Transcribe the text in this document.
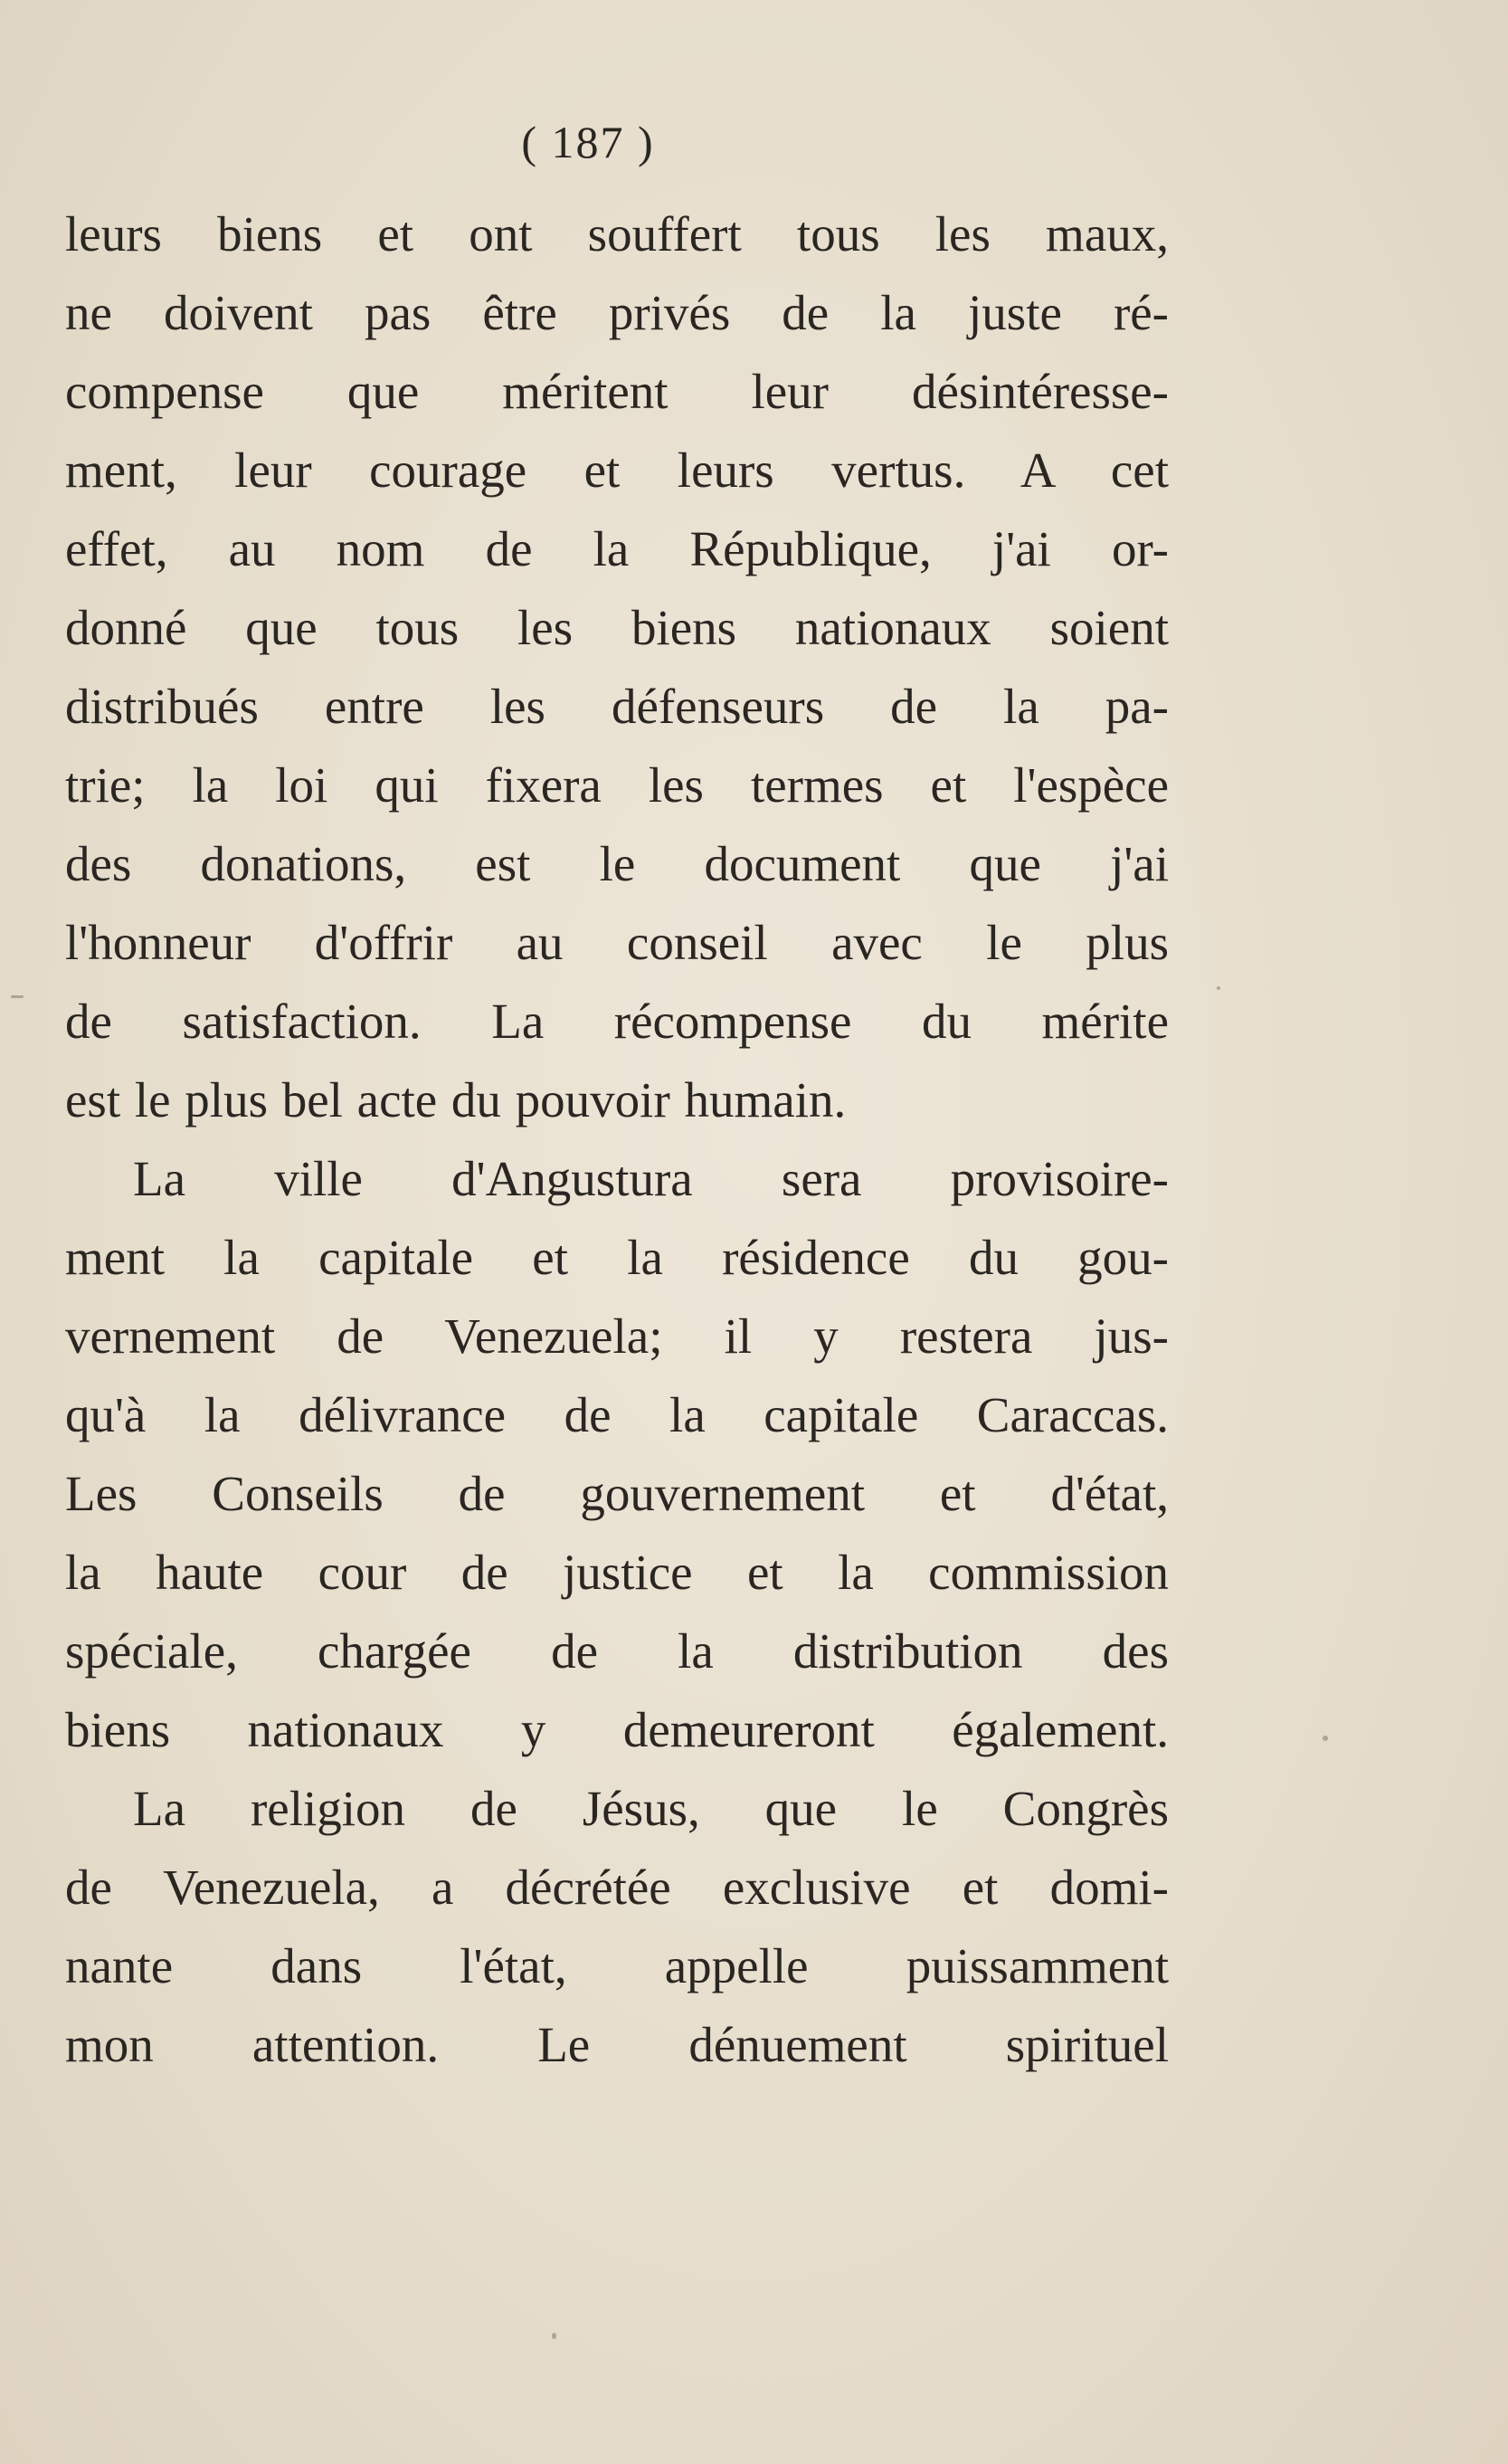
( 187 )
leurs biens et ont souffert tous les maux,
ne doivent pas être privés de la juste ré-
compense que méritent leur désintéresse-
ment, leur courage et leurs vertus. A cet
effet, au nom de la République, j'ai or-
donné que tous les biens nationaux soient
distribués entre les défenseurs de la pa-
trie; la loi qui fixera les termes et l'espèce
des donations, est le document que j'ai
l'honneur d'offrir au conseil avec le plus
de satisfaction. La récompense du mérite
est le plus bel acte du pouvoir humain.
La ville d'Angustura sera provisoire-
ment la capitale et la résidence du gou-
vernement de Venezuela; il y restera jus-
qu'à la délivrance de la capitale Caraccas.
Les Conseils de gouvernement et d'état,
la haute cour de justice et la commission
spéciale, chargée de la distribution des
biens nationaux y demeureront également.
La religion de Jésus, que le Congrès
de Venezuela, a décrétée exclusive et domi-
nante dans l'état, appelle puissamment
mon attention. Le dénuement spirituel
